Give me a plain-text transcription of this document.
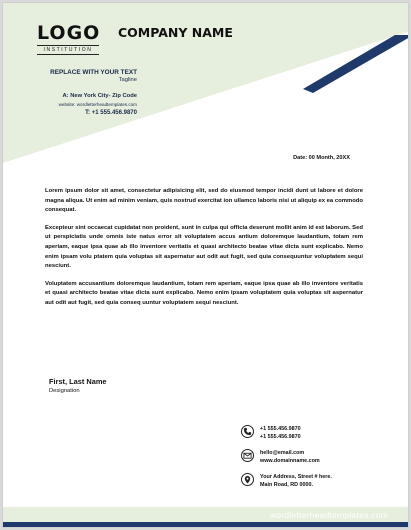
LOGO
INSTITUTION
COMPANY NAME
REPLACE WITH YOUR TEXT
Tagline
A: New York City- Zip Code
website: wordletterheadtemplates.com
T: +1 555.456.9870
Date: 00 Month, 20XX

Lorem ipsum dolor sit amet, consectetur adipisicing elit, sed do eiusmod tempor incidi dunt ut labore et dolore magna aliqua. Ut enim ad minim veniam, quis nostrud exercitat ion ullamco laboris nisi ut aliquip ex ea commodo consequat.

Excepteur sint occaecat cupidatat non proident, sunt in culpa qui officia deserunt mollit anim id est laborum. Sed ut perspiciatis unde omnis iste natus error sit voluptatem accus antium doloremque laudantium, totam rem aperiam, eaque ipsa quae ab illo inventore veritatis et quasi architecto beatae vitae dicta sunt explicabo. Nemo enim ipsam volu ptatem quia voluptas sit aspernatur aut odit aut fugit, sed quia consequuntur voluptatem sequi nesciunt.

Voluptatem accusantium doloremque laudantium, totam rem aperiam, eaque ipsa quae ab illo inventore veritatis et quasi architecto beatae vitae dicta sunt explicabo. Nemo enim ipsam voluptatem quia voluptas sit aspernatur aut odit aut fugit, sed quia conseq uuntur voluptatem sequi nesciunt.

First, Last Name
Designation
+1 555.456.9870
+1 555.456.9870
hello@email.com
www.domainname.com
Your Address, Street # here.
Main Road, RD 0000.
wordletterheadtemplates.com
